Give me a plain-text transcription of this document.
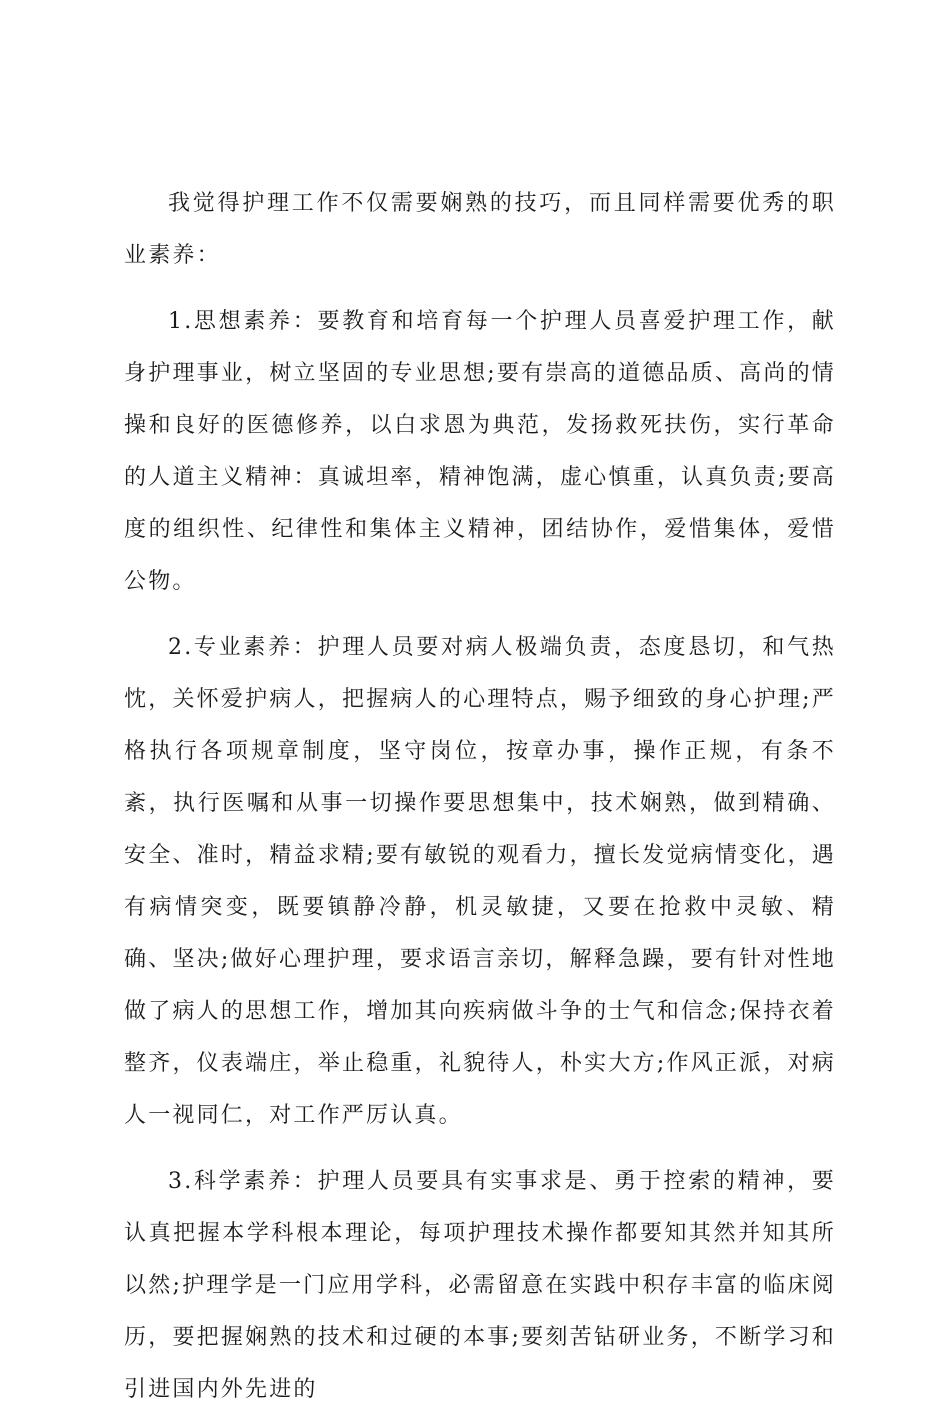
我觉得护理工作不仅需要娴熟的技巧，而且同样需要优秀的职业素养：

1.思想素养：要教育和培育每一个护理人员喜爱护理工作，献身护理事业，树立坚固的专业思想;要有崇高的道德品质、高尚的情操和良好的医德修养，以白求恩为典范，发扬救死扶伤，实行革命的人道主义精神：真诚坦率，精神饱满，虚心慎重，认真负责;要高度的组织性、纪律性和集体主义精神，团结协作，爱惜集体，爱惜公物。

2.专业素养：护理人员要对病人极端负责，态度恳切，和气热忱，关怀爱护病人，把握病人的心理特点，赐予细致的身心护理;严格执行各项规章制度，坚守岗位，按章办事，操作正规，有条不紊，执行医嘱和从事一切操作要思想集中，技术娴熟，做到精确、安全、准时，精益求精;要有敏锐的观看力，擅长发觉病情变化，遇有病情突变，既要镇静冷静，机灵敏捷，又要在抢救中灵敏、精确、坚决;做好心理护理，要求语言亲切，解释急躁，要有针对性地做了病人的思想工作，增加其向疾病做斗争的士气和信念;保持衣着整齐，仪表端庄，举止稳重，礼貌待人，朴实大方;作风正派，对病人一视同仁，对工作严厉认真。

3.科学素养：护理人员要具有实事求是、勇于控索的精神，要认真把握本学科根本理论，每项护理技术操作都要知其然并知其所以然;护理学是一门应用学科，必需留意在实践中积存丰富的临床阅历，要把握娴熟的技术和过硬的本事;要刻苦钻研业务，不断学习和引进国内外先进的
